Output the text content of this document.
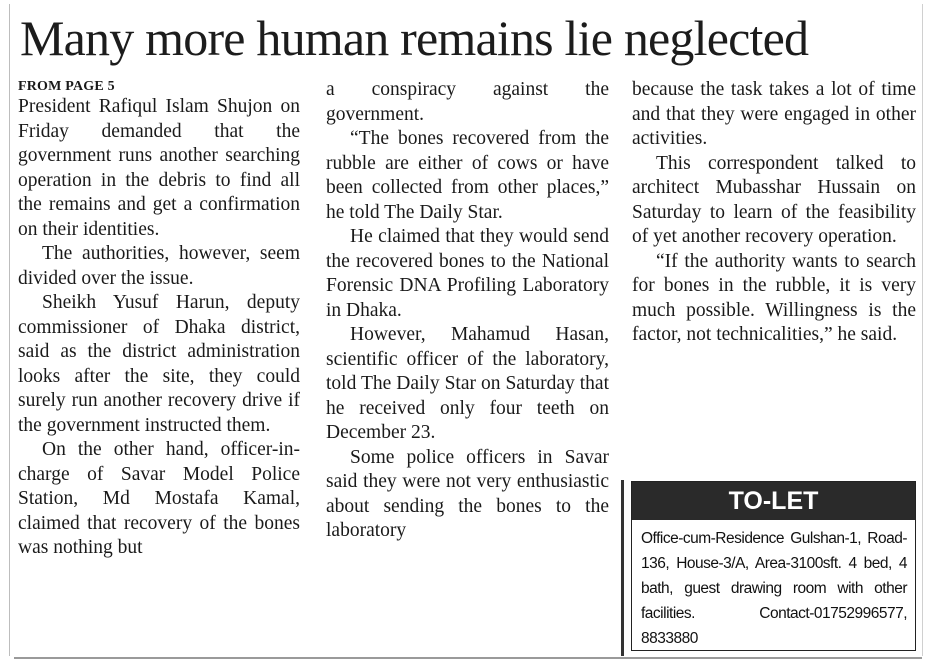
Many more human remains lie neglected

FROM PAGE 5

President Rafiqul Islam Shujon on Friday demanded that the government runs another searching operation in the debris to find all the remains and get a confirmation on their identities.

The authorities, however, seem divided over the issue.

Sheikh Yusuf Harun, deputy commissioner of Dhaka district, said as the district administration looks after the site, they could surely run another recovery drive if the government instructed them.

On the other hand, officer-in-charge of Savar Model Police Station, Md Mostafa Kamal, claimed that recovery of the bones was nothing but

a conspiracy against the government.

“The bones recovered from the rubble are either of cows or have been collected from other places,” he told The Daily Star.

He claimed that they would send the recovered bones to the National Forensic DNA Profiling Laboratory in Dhaka.

However, Mahamud Hasan, scientific officer of the laboratory, told The Daily Star on Saturday that he received only four teeth on December 23.

Some police officers in Savar said they were not very enthusiastic about sending the bones to the laboratory

because the task takes a lot of time and that they were engaged in other activities.

This correspondent talked to architect Mubasshar Hussain on Saturday to learn of the feasibility of yet another recovery operation.

“If the authority wants to search for bones in the rubble, it is very much possible. Willingness is the factor, not technicalities,” he said.

TO-LET
Office-cum-Residence Gulshan-1, Road-136, House-3/A, Area-3100sft. 4 bed, 4 bath, guest drawing room with other facilities. Contact-01752996577, 8833880
